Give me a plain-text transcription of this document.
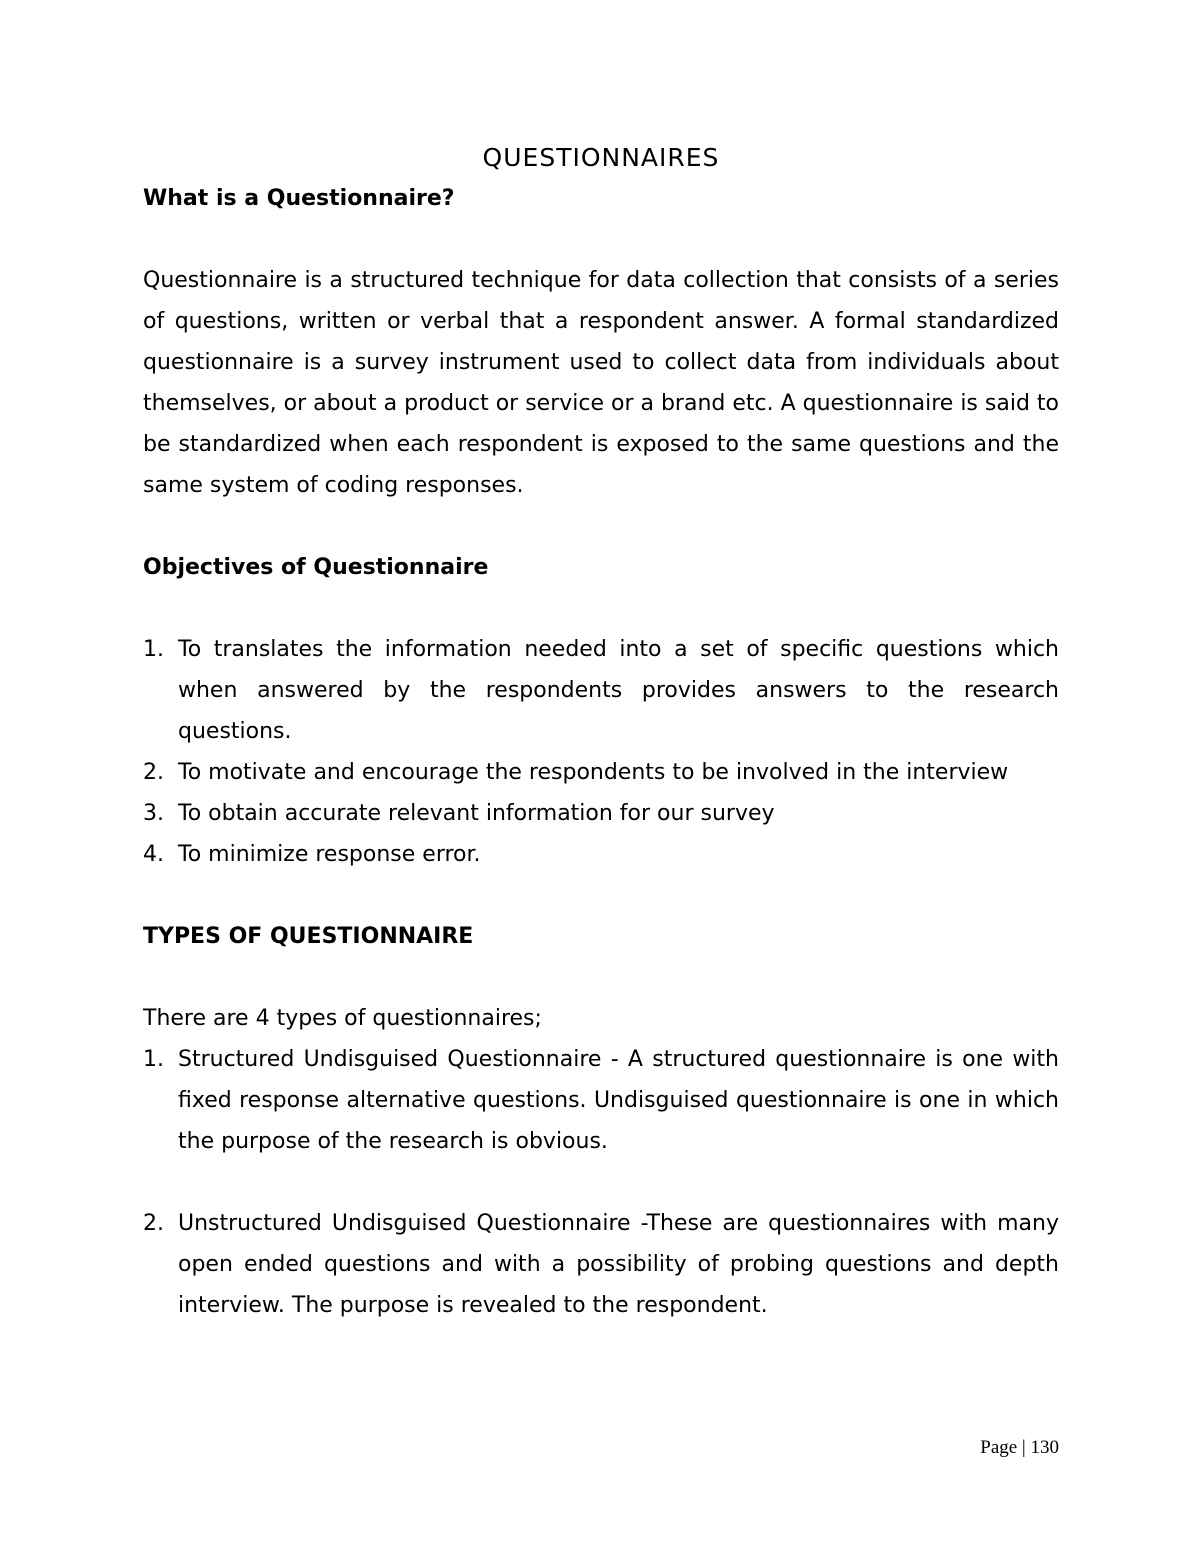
QUESTIONNAIRES

What is a Questionnaire?

Questionnaire is a structured technique for data collection that consists of a series of questions, written or verbal that a respondent answer. A formal standardized questionnaire is a survey instrument used to collect data from individuals about themselves, or about a product or service or a brand etc. A questionnaire is said to be standardized when each respondent is exposed to the same questions and the same system of coding responses.

Objectives of Questionnaire

1. To translates the information needed into a set of specific questions which when answered by the respondents provides answers to the research questions.
2. To motivate and encourage the respondents to be involved in the interview
3. To obtain accurate relevant information for our survey
4. To minimize response error.

TYPES OF QUESTIONNAIRE

There are 4 types of questionnaires;

1. Structured Undisguised Questionnaire - A structured questionnaire is one with fixed response alternative questions. Undisguised questionnaire is one in which the purpose of the research is obvious.
2. Unstructured Undisguised Questionnaire -These are questionnaires with many open ended questions and with a possibility of probing questions and depth interview. The purpose is revealed to the respondent.
Page | 130
